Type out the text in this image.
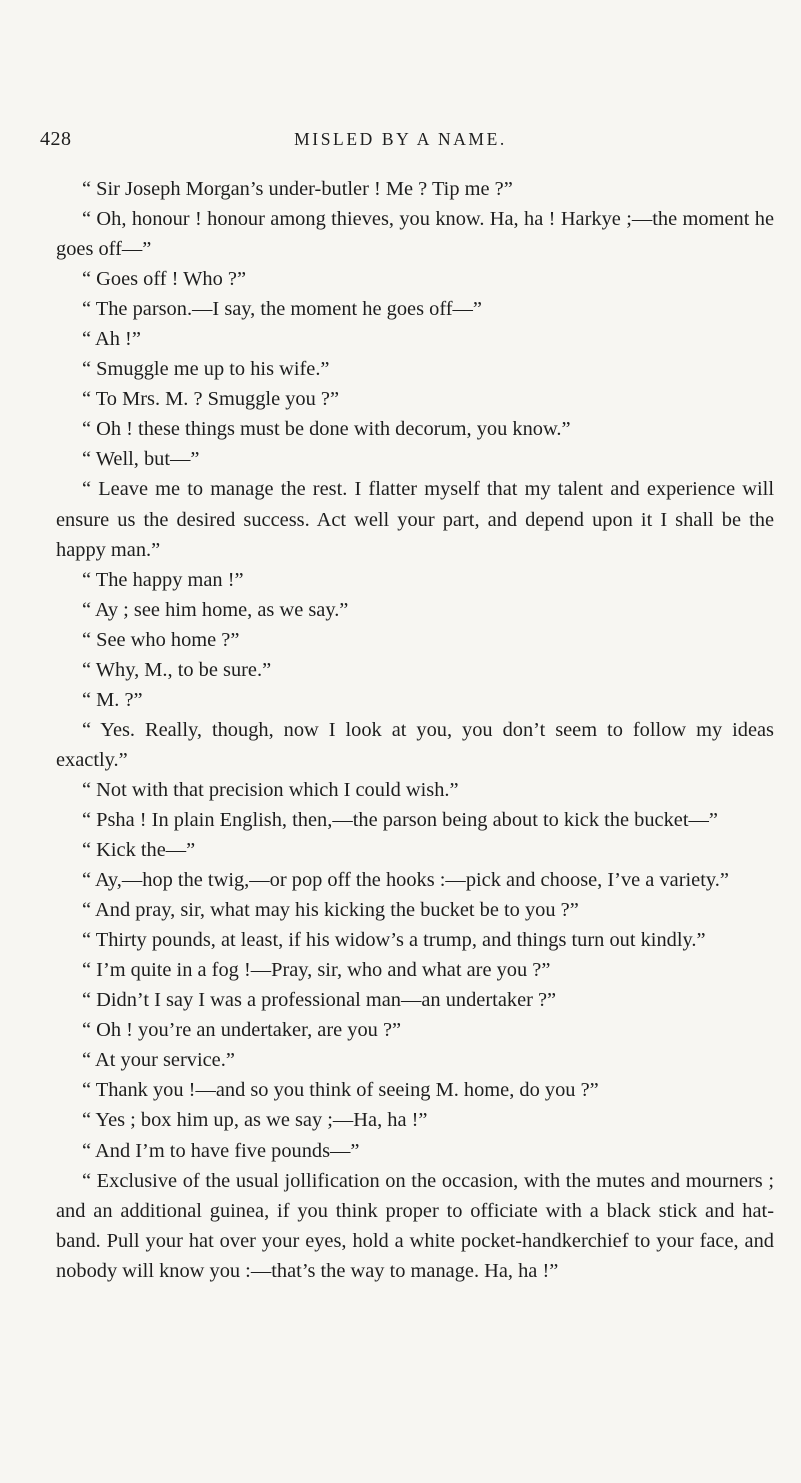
428	MISLED BY A NAME.

“ Sir Joseph Morgan’s under-butler ! Me ? Tip me ?”

“ Oh, honour ! honour among thieves, you know. Ha, ha ! Harkye ;—the moment he goes off—”

“ Goes off ! Who ?”

“ The parson.—I say, the moment he goes off—”

“ Ah !”

“ Smuggle me up to his wife.”

“ To Mrs. M. ? Smuggle you ?”

“ Oh ! these things must be done with decorum, you know.”

“ Well, but—”

“ Leave me to manage the rest. I flatter myself that my talent and experience will ensure us the desired success. Act well your part, and depend upon it I shall be the happy man.”

“ The happy man !”

“ Ay ; see him home, as we say.”

“ See who home ?”

“ Why, M., to be sure.”

“ M. ?”

“ Yes. Really, though, now I look at you, you don’t seem to follow my ideas exactly.”

“ Not with that precision which I could wish.”

“ Psha ! In plain English, then,—the parson being about to kick the bucket—”

“ Kick the—”

“ Ay,—hop the twig,—or pop off the hooks :—pick and choose, I’ve a variety.”

“ And pray, sir, what may his kicking the bucket be to you ?”

“ Thirty pounds, at least, if his widow’s a trump, and things turn out kindly.”

“ I’m quite in a fog !—Pray, sir, who and what are you ?”

“ Didn’t I say I was a professional man—an undertaker ?”

“ Oh ! you’re an undertaker, are you ?”

“ At your service.”

“ Thank you !—and so you think of seeing M. home, do you ?”

“ Yes ; box him up, as we say ;—Ha, ha !”

“ And I’m to have five pounds—”

“ Exclusive of the usual jollification on the occasion, with the mutes and mourners ; and an additional guinea, if you think proper to officiate with a black stick and hat-band. Pull your hat over your eyes, hold a white pocket-handkerchief to your face, and nobody will know you :—that’s the way to manage. Ha, ha !”
